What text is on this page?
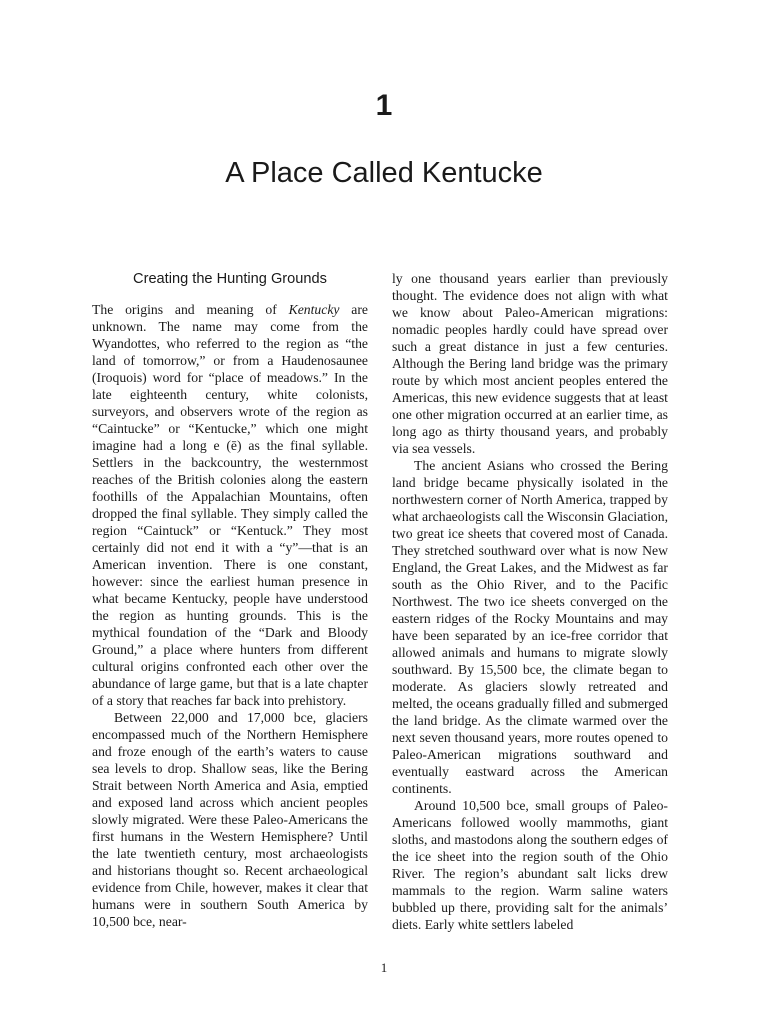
1
A Place Called Kentucke
Creating the Hunting Grounds

The origins and meaning of Kentucky are unknown. The name may come from the Wyandottes, who referred to the region as “the land of tomorrow,” or from a Haudenosaunee (Iroquois) word for “place of meadows.” In the late eighteenth century, white colonists, surveyors, and observers wrote of the region as “Caintucke” or “Kentucke,” which one might imagine had a long e (ē) as the final syllable. Settlers in the backcountry, the westernmost reaches of the British colonies along the eastern foothills of the Appalachian Mountains, often dropped the final syllable. They simply called the region “Caintuck” or “Kentuck.” They most certainly did not end it with a “y”—that is an American invention. There is one constant, however: since the earliest human presence in what became Kentucky, people have understood the region as hunting grounds. This is the mythical foundation of the “Dark and Bloody Ground,” a place where hunters from different cultural origins confronted each other over the abundance of large game, but that is a late chapter of a story that reaches far back into prehistory.

Between 22,000 and 17,000 bce, glaciers encompassed much of the Northern Hemisphere and froze enough of the earth’s waters to cause sea levels to drop. Shallow seas, like the Bering Strait between North America and Asia, emptied and exposed land across which ancient peoples slowly migrated. Were these Paleo-Americans the first humans in the Western Hemisphere? Until the late twentieth century, most archaeologists and historians thought so. Recent archaeological evidence from Chile, however, makes it clear that humans were in southern South America by 10,500 bce, near-

ly one thousand years earlier than previously thought. The evidence does not align with what we know about Paleo-American migrations: nomadic peoples hardly could have spread over such a great distance in just a few centuries. Although the Bering land bridge was the primary route by which most ancient peoples entered the Americas, this new evidence suggests that at least one other migration occurred at an earlier time, as long ago as thirty thousand years, and probably via sea vessels.

The ancient Asians who crossed the Bering land bridge became physically isolated in the northwestern corner of North America, trapped by what archaeologists call the Wisconsin Glaciation, two great ice sheets that covered most of Canada. They stretched southward over what is now New England, the Great Lakes, and the Midwest as far south as the Ohio River, and to the Pacific Northwest. The two ice sheets converged on the eastern ridges of the Rocky Mountains and may have been separated by an ice-free corridor that allowed animals and humans to migrate slowly southward. By 15,500 bce, the climate began to moderate. As glaciers slowly retreated and melted, the oceans gradually filled and submerged the land bridge. As the climate warmed over the next seven thousand years, more routes opened to Paleo-American migrations southward and eventually eastward across the American continents.

Around 10,500 bce, small groups of Paleo-Americans followed woolly mammoths, giant sloths, and mastodons along the southern edges of the ice sheet into the region south of the Ohio River. The region’s abundant salt licks drew mammals to the region. Warm saline waters bubbled up there, providing salt for the animals’ diets. Early white settlers labeled

1
